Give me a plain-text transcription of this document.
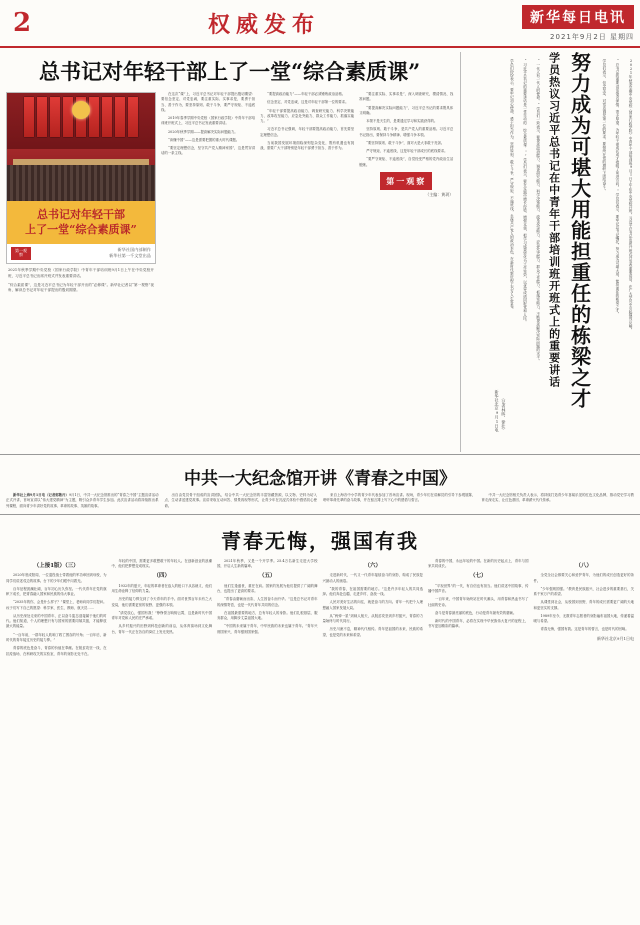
2	权威发布	新华每日电讯
2021年9月2日 星期四
总书记对年轻干部上了一堂“综合素质课”
总书记对年轻干部
上了一堂“综合素质课”
第一观察
新华社国内部制作
新华社第一千文堂出品

2021年秋季学期中央党校（国家行政学院）中青年干部培训班9月1日上午在中央党校开班，习近平总书记出席开班式并发表重要讲话。

“综合素质课”，这是习近平总书记为年轻干部开出的“必修课”。新华社记者以“第一观察”视角，解读总书记对年轻干部提出的殷切期望。

在这次“课”上，习近平总书记对年轻干部提出殷切期望：要信念坚定、对党忠诚，要注重实际、实事求是，要勇于担当、善于作为，要坚持原则、敢于斗争，要严守规矩、不逾底线。

2019年春季学期中央党校（国家行政学院）中青年干部培训班开班式上，习近平总书记发表重要讲话。

2020年秋季学期——提高解决实际问题能力。

“读懂中国”——这是需要把握的重大时代课题。

“要坚定理想信念，坚守共产党人精神家园”，这是贯穿讲话的一条主线。

“要提高政治能力”——年轻干部必须锤炼政治品格。

信念坚定、对党忠诚，这是对年轻干部第一位的要求。

“年轻干部要提高政治能力、调查研究能力、科学决策能力、改革攻坚能力、应急处突能力、群众工作能力、抓落实能力。”

习近平总书记强调，年轻干部要提高政治能力，首先要坚定理想信念。

当前我国发展环境面临深刻复杂变化，既有机遇也有挑战，需要广大干部特别是年轻干部勇于担当、善于作为。

“要注重实际、实事求是”，深入调查研究，摸清情况、找准问题。

“要提高解决实际问题能力”，习近平总书记的要求既具体又明确。

本领不是天生的，是要通过学习和实践获得的。

坚持原则、敢于斗争，是共产党人的重要品格。习近平总书记指出，要保持斗争精神、增强斗争本领。

“要坚持原则、敢于斗争”，面对大是大非敢于亮剑。

严守规矩、不逾底线，这是年轻干部成长的底线要求。

“要严守规矩、不逾底线”，自觉经受严格的党内政治生活锻炼。

第一观察
（主编：黄玥）	学员们纷纷表示，要牢记初心使命，勇于担当作为，坚持原则、敢于斗争，严守规矩、不逾底线，永葆共产党人的政治本色，在新时代新征程上书写人生答卷。

（记者林晖、徐壮）
新华社北京9月1日电

“习近平总书记的重要讲话是一堂生动的‘综合素质课’。”学员们表示，要在实践中增长经验、增强本领，把学习成果转化为工作实效，以优异成绩回报党和人民。	“一代人有一代人的使命。”学员们一致表示，要提高政治能力、调查研究能力、科学决策能力、改革攻坚能力、应急处突能力、群众工作能力、抓落实能力，不断提高解决实际问题的水平。 学员热议习近平总书记在中青年干部培训班开班式上的重要讲话 努力成为可堪大用能担重任的栋梁之才	学员们表示，信念坚定、对党忠诚是第一位的要求，要始终在党的旗帜下团结奋斗。	“总书记的重要讲话饱含深情、寄予厚望，为年轻干部成长成才指明了前进方向。”学员们表示，要牢记总书记嘱托，努力成为可堪大用、能担重任的栋梁之才。	2021年秋季学期中央党校（国家行政学院）中青年干部培训班9月1日上午在中央党校开班。习近平总书记出席开班式并发表重要讲话，在广大学员中引起强烈反响。

中共一大纪念馆开讲《青春之中国》

新华社上海9月1日电（记者郭敬丹）9月1日，中共一大纪念馆推出的“青春之中国”主题宣讲活动正式开讲，首场宣讲以“伟大建党精神”为主题，吸引众多青年学生参加。此次宣讲活动将持续推出系列课程，面向青少年讲好党的故事、革命的故事、英雄的故事。

出自由党员骨干组成的宣讲团队，结合中共一大纪念馆的丰富馆藏资源，以文物、史料为切入点，生动讲述建党故事。宣讲采取互动问答、情景再现等形式，让青少年在沉浸式体验中感悟初心使命。

来自上海各中小学的青少年代表参加了首场宣讲。现场，青少年们在讲解员的引导下参观展陈，聆听革命先辈的奋斗故事，并在留言簿上写下心中的感悟与誓言。

中共一大纪念馆相关负责人表示，将持续打造青少年喜闻乐见的红色文化品牌，推动党史学习教育走深走实，让红色基因、革命薪火代代传承。

青春无悔，强国有我
（上接1版）（三）

2020年底成阳周，一位退役战士带着他的军功章回到母校，为同学们讲述戍边的故事。台下的少年们眼中闪着光。

百年征程波澜壮阔，百年初心历久弥坚。一代代青年在党的旗帜下成长，把青春融入国家和民族的伟大事业。

“2035年的你，会是什么样子？”课堂上，老师向同学们提问。孩子们写下自己的愿望：科学家、医生、教师、航天员……

从历史深处走来的中国青年，正以奋斗姿态迎接属于他们的时代。他们知道，个人的理想只有与国家的需要同频共振，才能释放最大的能量。

“一百年前，一群年轻人吹响了救亡图存的号角；一百年后，新时代的青年接过历史的接力棒。”

青春的底色是奋斗，青春的价值在奉献。在脱贫攻坚一线，在抗疫战场，在科研攻关的实验室，青年的身影无处不在。

年轻的中国，需要更多敢想敢干的年轻人。在创新创业的浪潮中，他们把梦想变成现实。

（四）

1932年的夏天，年轻的革命者在敌人的枪口下从容就义，他们用生命诠释了信仰的力量。

历史的接力棒交到了今天青年的手中。面对世界百年未有之大变局，他们需要更宽的视野、更强的本领。

“请党放心，强国有我！”铮铮誓言响彻云霄，这是新时代中国青年对党和人民的庄严承诺。

从乡村振兴的田野到科技创新的前沿，从体育赛场到文化舞台，青年一代正在各自的岗位上发光发热。

2021年秋季，又是一个开学季。25.4万名新生走进大学校园，开启人生新的篇章。

（五）

他们生逢盛世，重任在肩。国家的发展为他们提供了广阔的舞台，也提出了更高的要求。

“青春由磨砺而出彩，人生因奋斗而升华。”这是总书记对青年的深情寄语，也是一代代青年共同的信念。

在祖国最需要的地方，总有年轻人的身影。他们扎根基层、服务群众，用脚步丈量祖国大地。

“中国的未来属于青年，中华民族的未来也属于青年。”青年兴则国家兴，青年强则国家强。

（六）

走进新时代，一代又一代青年接续奋斗的身影，构成了民族复兴最动人的画卷。

“我的青春，在祖国需要的地方。”这是许多年轻人的共同选择。他们奔赴边疆、走进乡村、奋战一线。

人民对美好生活的向往，就是奋斗的方向。青年一代把个人理想融入国家发展大局。

从“两弹一星”到载人航天，从脱贫攻坚到乡村振兴，青春的力量始终与时代同行。

历史川流不息，精神代代相传。青年是祖国的未来、民族的希望，也是党的未来和希望。

青春的中国，永远年轻的中国。在新的历史起点上，青年与国家共同成长。

（七）

“平视世界”的一代，有自信也有担当。他们讲述中国故事，传播中国声音。

一百年来，中国青年始终站在时代潮头，用青春和热血书写了壮丽的史诗。

奋斗是青春最亮丽的底色，行动是青年最有效的磨砺。

新时代的中国青年，必将在实现中华民族伟大复兴的征程上，书写更加精彩的篇章。

（八）

全党全社会都要关心和爱护青年，为他们的成长创造更好的条件。

“少年强则国强。”教育是民族振兴、社会进步的重要基石，关系千家万户的希望。

从课堂到社会，从校园到田野，青年的成长需要更广阔的天地和更坚实的支撑。

1989年至今，无数青年志愿者的身影遍布祖国大地，传递着温暖与希望。

青春无悔，强国有我。这是青年的誓言，也是时代的回响。

新华社北京9月1日电
